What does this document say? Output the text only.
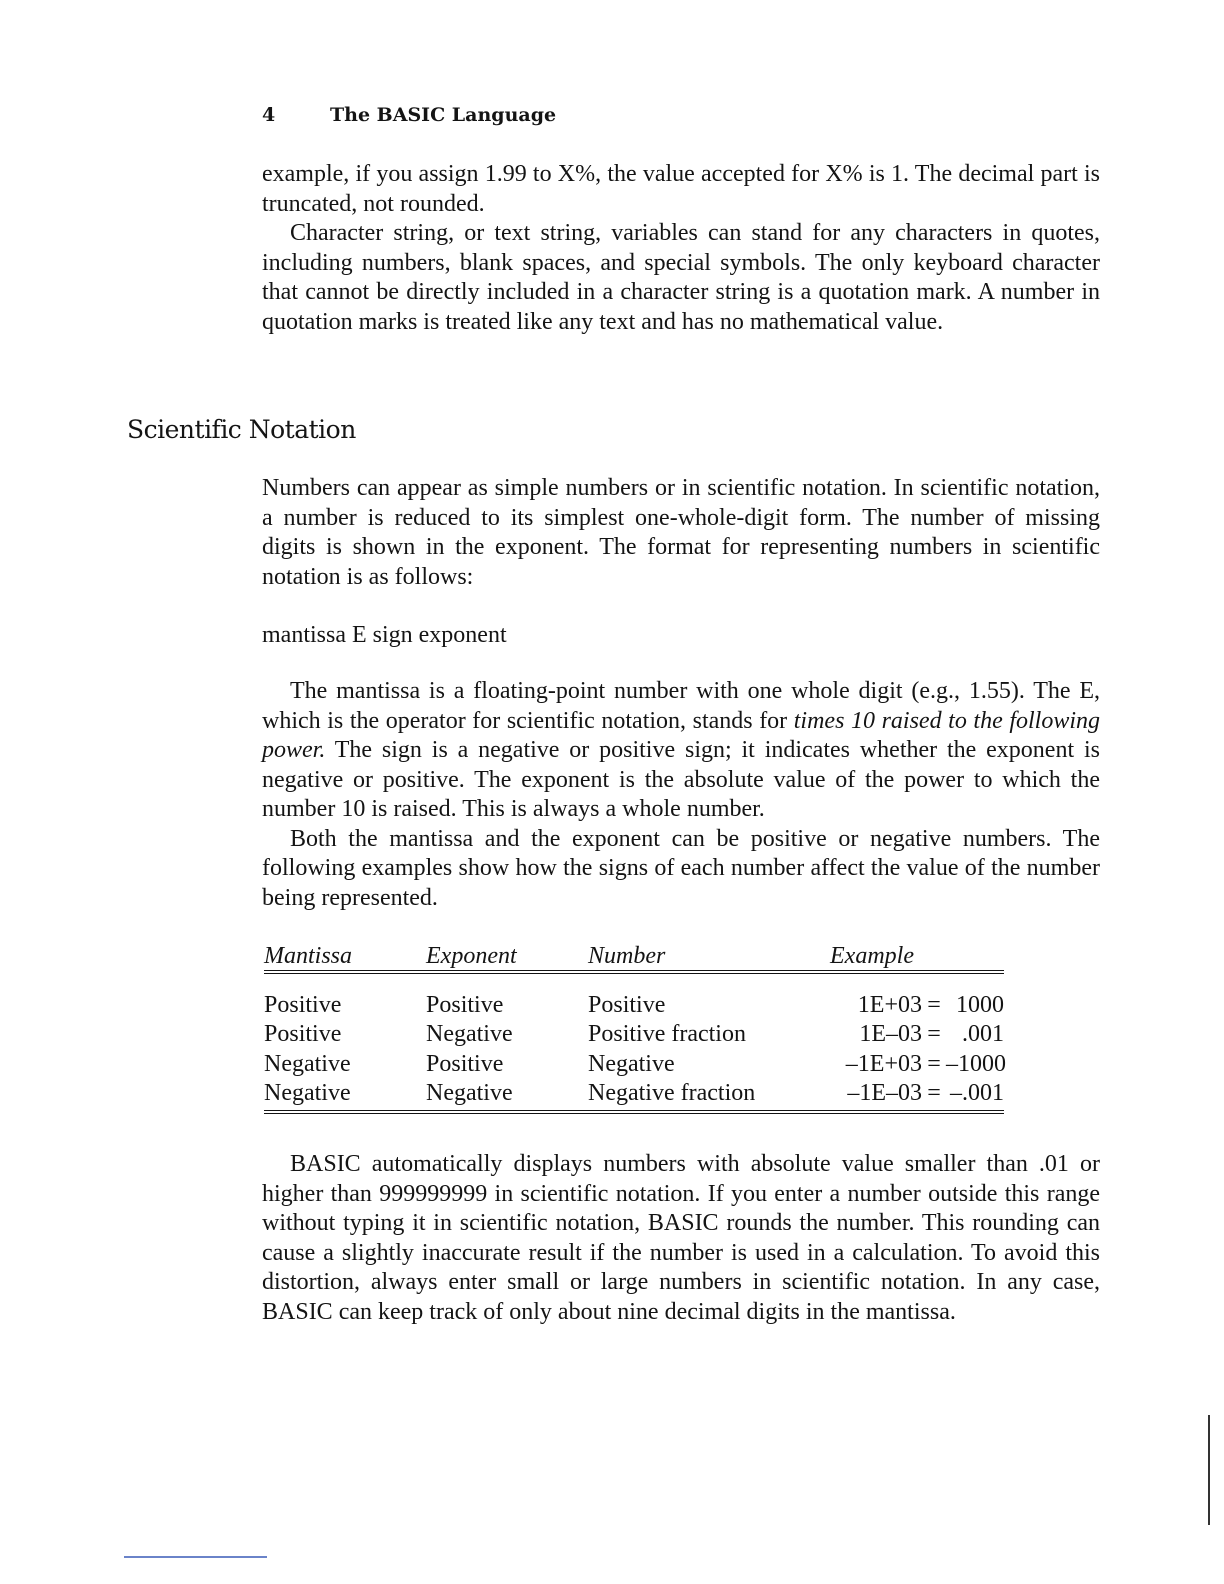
4	The BASIC Language

example, if you assign 1.99 to X%, the value accepted for X% is 1. The decimal part is truncated, not rounded.

Character string, or text string, variables can stand for any characters in quotes, including numbers, blank spaces, and special symbols. The only keyboard character that cannot be directly included in a character string is a quotation mark. A number in quotation marks is treated like any text and has no mathematical value.

Scientific Notation

Numbers can appear as simple numbers or in scientific notation. In scientific notation, a number is reduced to its simplest one-whole-digit form. The number of missing digits is shown in the exponent. The format for representing numbers in scientific notation is as follows:

mantissa E sign exponent

The mantissa is a floating-point number with one whole digit (e.g., 1.55). The E, which is the operator for scientific notation, stands for times 10 raised to the following power. The sign is a negative or positive sign; it indicates whether the exponent is negative or positive. The exponent is the absolute value of the power to which the number 10 is raised. This is always a whole number.

Both the mantissa and the exponent can be positive or negative numbers. The following examples show how the signs of each number affect the value of the number being represented.

Mantissa	Exponent	Number	Example
Positive	Positive	Positive	1E+03 = 1000
Positive	Negative	Positive fraction	1E–03 = .001
Negative	Positive	Negative	–1E+03 = –1000
Negative	Negative	Negative fraction	–1E–03 = –.001

BASIC automatically displays numbers with absolute value smaller than .01 or higher than 999999999 in scientific notation. If you enter a number outside this range without typing it in scientific notation, BASIC rounds the number. This rounding can cause a slightly inaccurate result if the number is used in a calculation. To avoid this distortion, always enter small or large numbers in scientific notation. In any case, BASIC can keep track of only about nine decimal digits in the mantissa.
